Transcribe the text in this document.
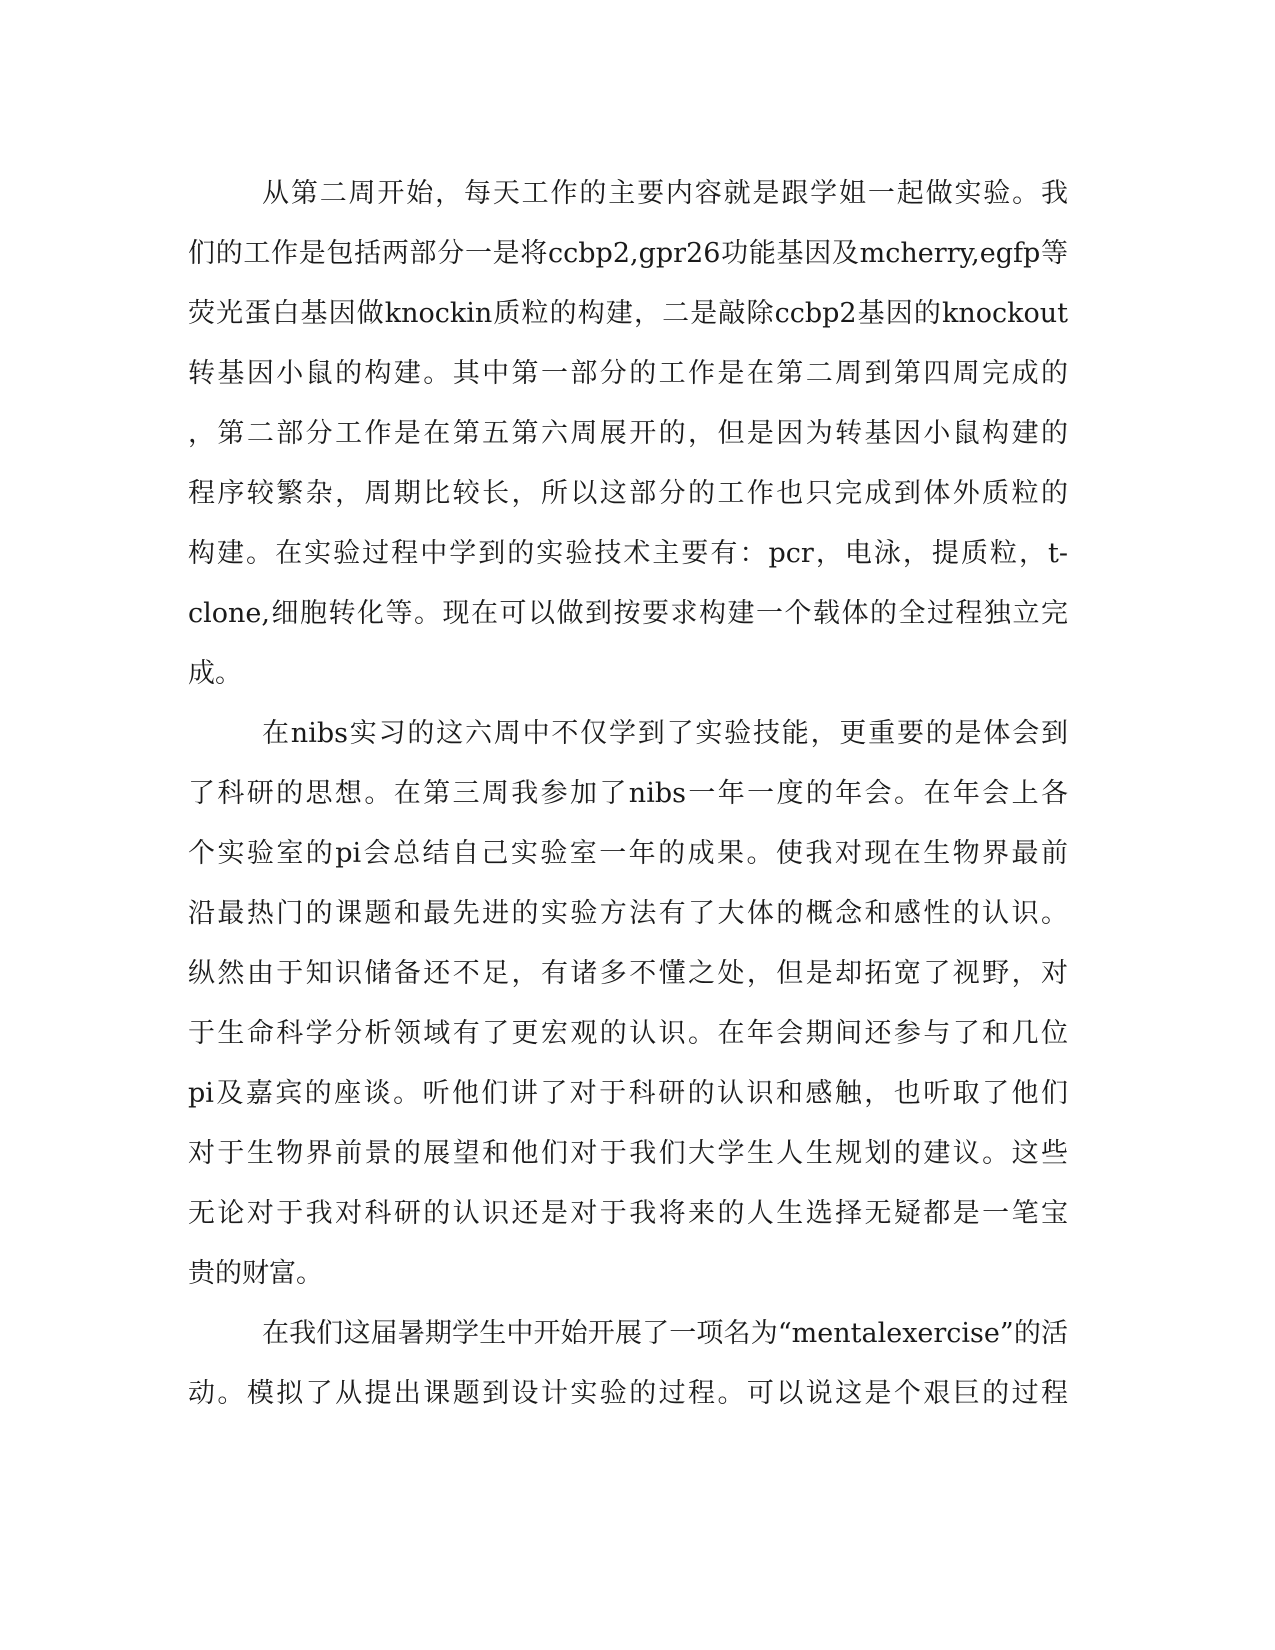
从第二周开始，每天工作的主要内容就是跟学姐一起做实验。我
们的工作是包括两部分一是将ccbp2,gpr26功能基因及mcherry,egfp等
荧光蛋白基因做knockin质粒的构建，二是敲除ccbp2基因的knockout
转基因小鼠的构建。其中第一部分的工作是在第二周到第四周完成的
，第二部分工作是在第五第六周展开的，但是因为转基因小鼠构建的
程序较繁杂，周期比较长，所以这部分的工作也只完成到体外质粒的
构建。在实验过程中学到的实验技术主要有：pcr，电泳，提质粒，t-
clone,细胞转化等。现在可以做到按要求构建一个载体的全过程独立完
成。
在nibs实习的这六周中不仅学到了实验技能，更重要的是体会到
了科研的思想。在第三周我参加了nibs一年一度的年会。在年会上各
个实验室的pi会总结自己实验室一年的成果。使我对现在生物界最前
沿最热门的课题和最先进的实验方法有了大体的概念和感性的认识。
纵然由于知识储备还不足，有诸多不懂之处，但是却拓宽了视野，对
于生命科学分析领域有了更宏观的认识。在年会期间还参与了和几位
pi及嘉宾的座谈。听他们讲了对于科研的认识和感触，也听取了他们
对于生物界前景的展望和他们对于我们大学生人生规划的建议。这些
无论对于我对科研的认识还是对于我将来的人生选择无疑都是一笔宝
贵的财富。
在我们这届暑期学生中开始开展了一项名为“mentalexercise”的活
动。模拟了从提出课题到设计实验的过程。可以说这是个艰巨的过程
